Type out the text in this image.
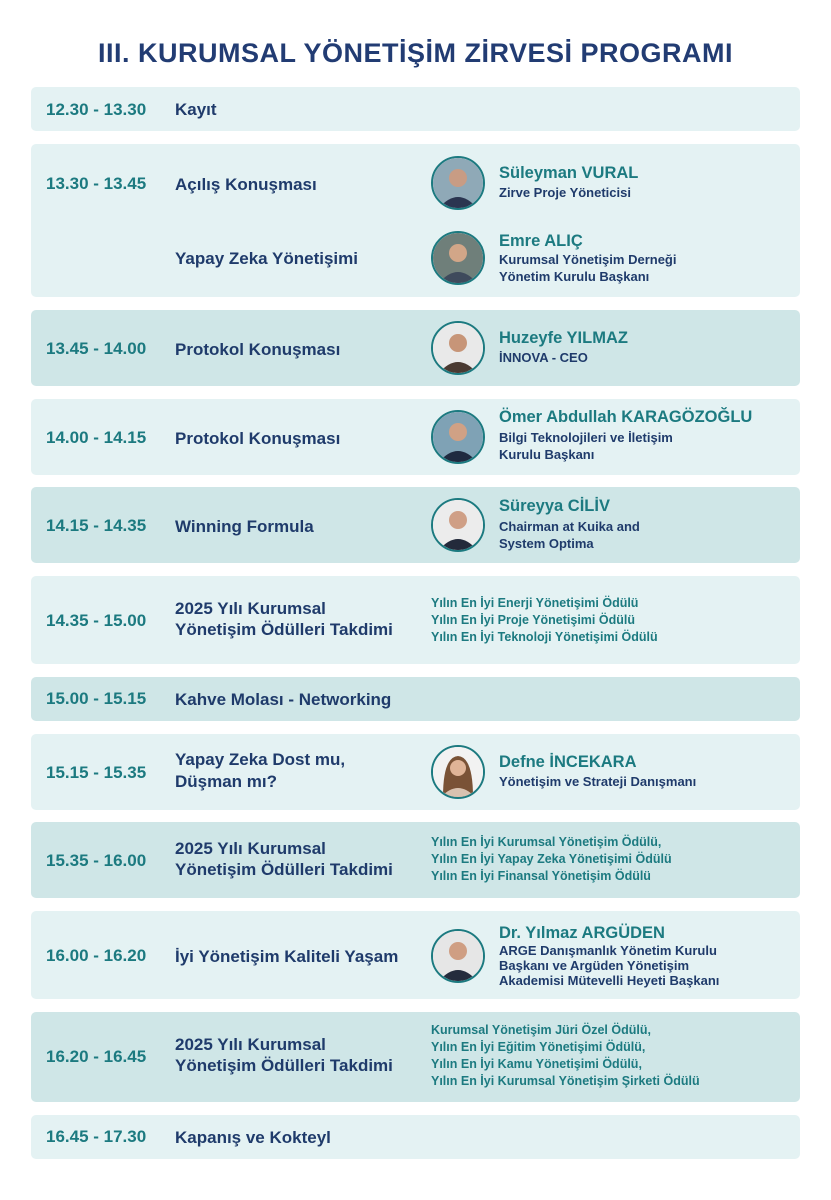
III. KURUMSAL YÖNETİŞİM ZİRVESİ PROGRAMI
12.30 - 13.30 Kayıt
13.30 - 13.45 Açılış Konuşması
Süleyman VURAL
Zirve Proje Yöneticisi
Yapay Zeka Yönetişimi
Emre ALIÇ
Kurumsal Yönetişim Derneği
Yönetim Kurulu Başkanı
13.45 - 14.00 Protokol Konuşması
Huzeyfe YILMAZ
İNNOVA - CEO
14.00 - 14.15 Protokol Konuşması
Ömer Abdullah KARAGÖZOĞLU
Bilgi Teknolojileri ve İletişim
Kurulu Başkanı
14.15 - 14.35 Winning Formula
Süreyya CİLİV
Chairman at Kuika and
System Optima
14.35 - 15.00
2025 Yılı Kurumsal
Yönetişim Ödülleri Takdimi
Yılın En İyi Enerji Yönetişimi Ödülü
Yılın En İyi Proje Yönetişimi Ödülü
Yılın En İyi Teknoloji Yönetişimi Ödülü
15.00 - 15.15 Kahve Molası - Networking
15.15 - 15.35
Yapay Zeka Dost mu,
Düşman mı?
Defne İNCEKARA
Yönetişim ve Strateji Danışmanı
15.35 - 16.00
2025 Yılı Kurumsal
Yönetişim Ödülleri Takdimi
Yılın En İyi Kurumsal Yönetişim Ödülü,
Yılın En İyi Yapay Zeka Yönetişimi Ödülü
Yılın En İyi Finansal Yönetişim Ödülü
16.00 - 16.20 İyi Yönetişim Kaliteli Yaşam
Dr. Yılmaz ARGÜDEN
ARGE Danışmanlık Yönetim Kurulu
Başkanı ve Argüden Yönetişim
Akademisi Mütevelli Heyeti Başkanı
16.20 - 16.45
2025 Yılı Kurumsal
Yönetişim Ödülleri Takdimi
Kurumsal Yönetişim Jüri Özel Ödülü,
Yılın En İyi Eğitim Yönetişimi Ödülü,
Yılın En İyi Kamu Yönetişimi Ödülü,
Yılın En İyi Kurumsal Yönetişim Şirketi Ödülü
16.45 - 17.30 Kapanış ve Kokteyl
